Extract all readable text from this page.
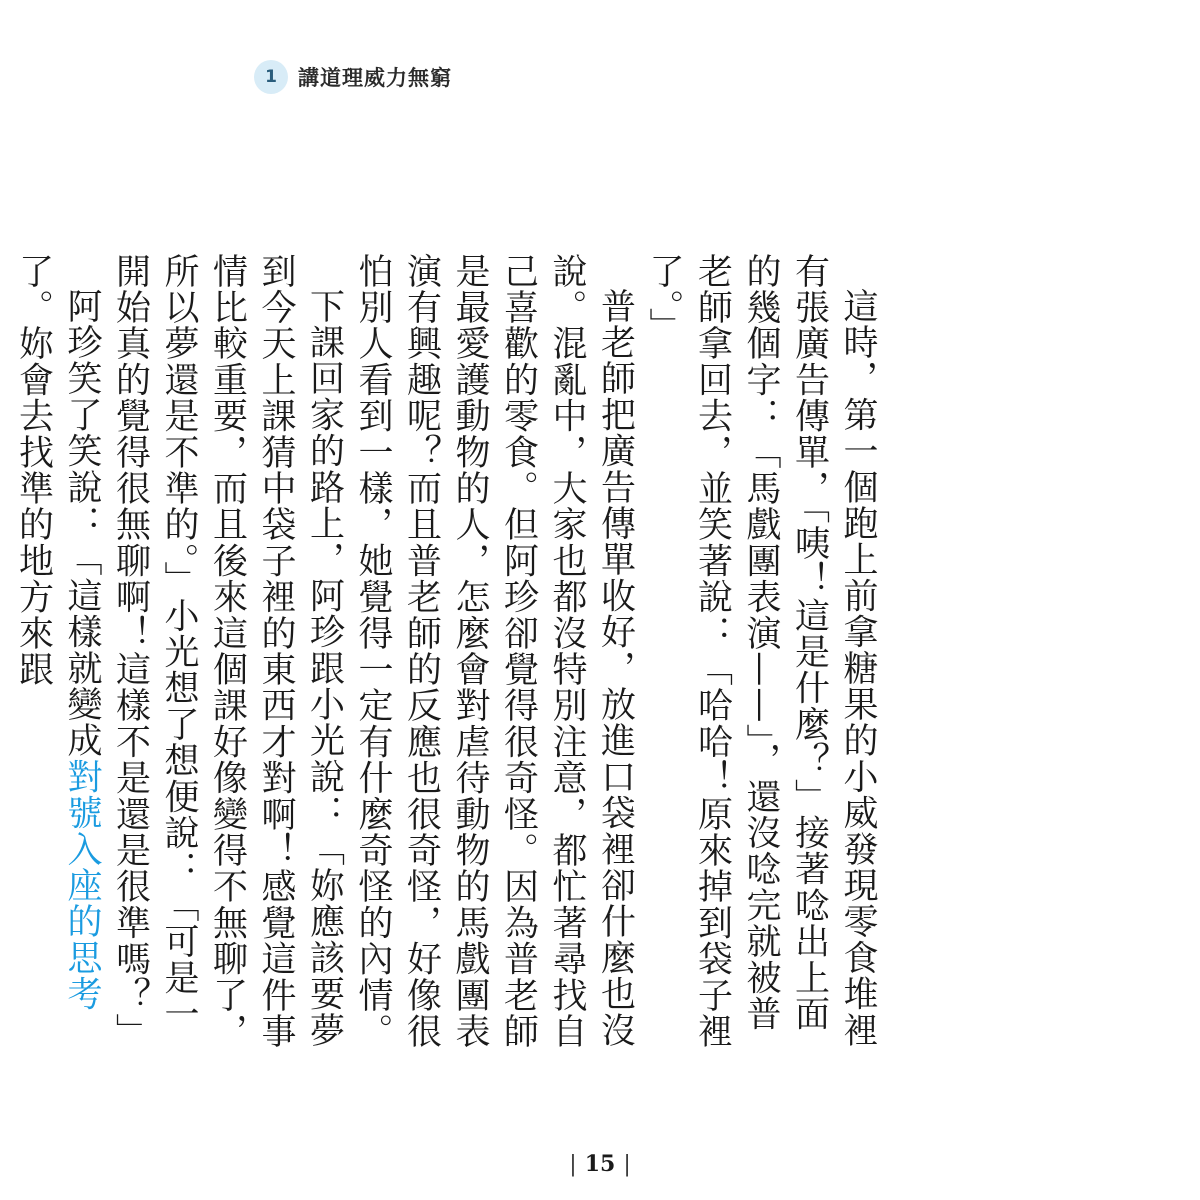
1	講道理威力無窮

這時，第一個跑上前拿糖果的小威發現零食堆裡有張廣告傳單，「咦！這是什麼？」接著唸出上面的幾個字：「馬戲團表演——」，還沒唸完就被普老師拿回去，並笑著說：「哈哈！原來掉到袋子裡了。」

普老師把廣告傳單收好，放進口袋裡卻什麼也沒說。混亂中，大家也都沒特別注意，都忙著尋找自己喜歡的零食。但阿珍卻覺得很奇怪。因為普老師是最愛護動物的人，怎麼會對虐待動物的馬戲團表演有興趣呢？而且普老師的反應也很奇怪，好像很怕別人看到一樣，她覺得一定有什麼奇怪的內情。

下課回家的路上，阿珍跟小光說：「妳應該要夢到今天上課猜中袋子裡的東西才對啊！感覺這件事情比較重要，而且後來這個課好像變得不無聊了，所以夢還是不準的。」小光想了想便說：「可是一開始真的覺得很無聊啊！這樣不是還是很準嗎？」

阿珍笑了笑說：「這樣就變成對號入座的思考了。妳會去找準的地方來跟

| 15 |
